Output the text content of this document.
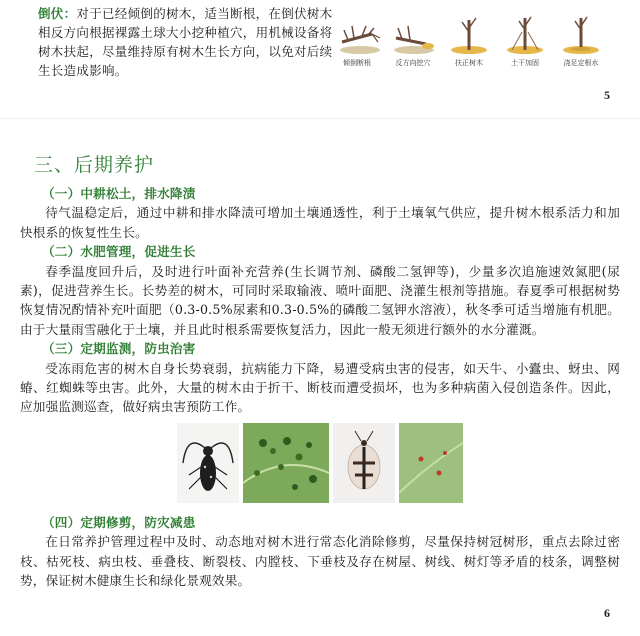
倒伏：对于已经倾倒的树木，适当断根，在倒伏树木相反方向根据裸露土球大小挖种植穴，用机械设备将树木扶起，尽量维持原有树木生长方向，以免对后续生长造成影响。	倾倒断根	反方向挖穴	扶正树木	土干加固	浇足定根水
5
三、后期养护

（一）中耕松土，排水降渍

待气温稳定后，通过中耕和排水降渍可增加土壤通透性，利于土壤氧气供应，提升树木根系活力和加快根系的恢复性生长。

（二）水肥管理，促进生长

春季温度回升后，及时进行叶面补充营养(生长调节剂、磷酸二氢钾等)，少量多次追施速效氮肥(尿素)，促进营养生长。长势差的树木，可同时采取输液、喷叶面肥、浇灌生根剂等措施。春夏季可根据树势恢复情况酌情补充叶面肥（0.3-0.5%尿素和0.3-0.5%的磷酸二氢钾水溶液），秋冬季可适当增施有机肥。由于大量雨雪融化于土壤，并且此时根系需要恢复活力，因此一般无须进行额外的水分灌溉。

（三）定期监测，防虫治害

受冻雨危害的树木自身长势衰弱，抗病能力下降，易遭受病虫害的侵害，如天牛、小蠹虫、蚜虫、网蝽、红蜘蛛等虫害。此外，大量的树木由于折干、断枝而遭受损坏，也为多种病菌入侵创造条件。因此，应加强监测巡查，做好病虫害预防工作。

（四）定期修剪，防灾减患

在日常养护管理过程中及时、动态地对树木进行常态化消除修剪，尽量保持树冠树形，重点去除过密枝、枯死枝、病虫枝、垂叠枝、断裂枝、内膛枝、下垂枝及存在树屋、树线、树灯等矛盾的枝条，调整树势，保证树木健康生长和绿化景观效果。

6
